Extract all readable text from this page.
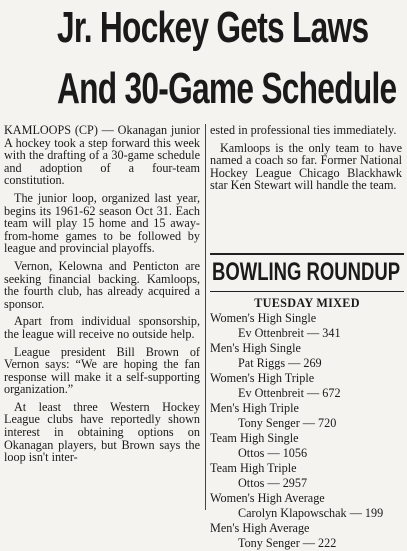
Jr. Hockey Gets Laws
And 30-Game Schedule

KAMLOOPS (CP) — Okanagan junior A hockey took a step forward this week with the drafting of a 30-game schedule and adoption of a four-team constitution.

The junior loop, organized last year, begins its 1961-62 season Oct 31. Each team will play 15 home and 15 away-from-home games to be followed by league and provincial playoffs.

Vernon, Kelowna and Penticton are seeking financial backing. Kamloops, the fourth club, has already acquired a sponsor.

Apart from individual sponsorship, the league will receive no outside help.

League president Bill Brown of Vernon says: “We are hoping the fan response will make it a self-supporting organization.”

At least three Western Hockey League clubs have reportedly shown interest in obtaining options on Okanagan players, but Brown says the loop isn't inter-

ested in professional ties immediately.

Kamloops is the only team to have named a coach so far. Former National Hockey League Chicago Blackhawk star Ken Stewart will handle the team.

BOWLING ROUNDUP
TUESDAY MIXED
Women's High Single
Ev Ottenbreit — 341
Men's High Single
Pat Riggs — 269
Women's High Triple
Ev Ottenbreit — 672
Men's High Triple
Tony Senger — 720
Team High Single
Ottos — 1056
Team High Triple
Ottos — 2957
Women's High Average
Carolyn Klapowschak — 199
Men's High Average
Tony Senger — 222
